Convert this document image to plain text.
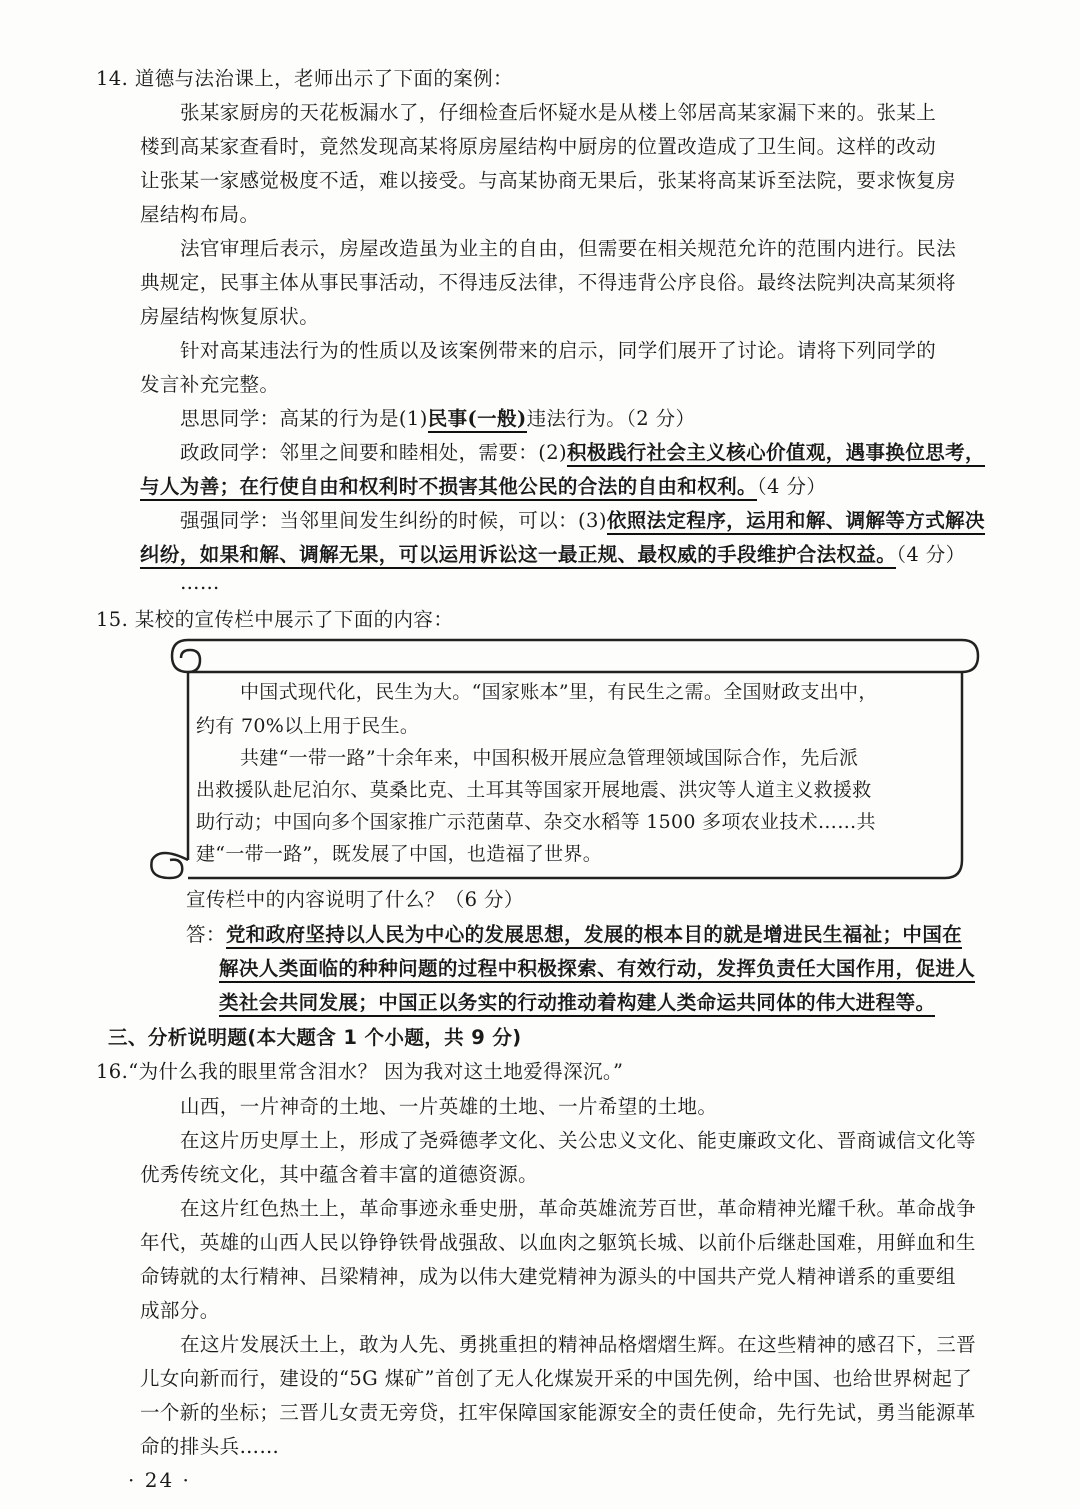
14. 道德与法治课上，老师出示了下面的案例：
张某家厨房的天花板漏水了，仔细检查后怀疑水是从楼上邻居高某家漏下来的。张某上
楼到高某家查看时，竟然发现高某将原房屋结构中厨房的位置改造成了卫生间。这样的改动
让张某一家感觉极度不适，难以接受。与高某协商无果后，张某将高某诉至法院，要求恢复房
屋结构布局。
法官审理后表示，房屋改造虽为业主的自由，但需要在相关规范允许的范围内进行。民法
典规定，民事主体从事民事活动，不得违反法律，不得违背公序良俗。最终法院判决高某须将
房屋结构恢复原状。
针对高某违法行为的性质以及该案例带来的启示，同学们展开了讨论。请将下列同学的
发言补充完整。
思思同学：高某的行为是(1)民事(一般)违法行为。（2 分）
政政同学：邻里之间要和睦相处，需要：(2)积极践行社会主义核心价值观，遇事换位思考，
与人为善；在行使自由和权利时不损害其他公民的合法的自由和权利。（4 分）
强强同学：当邻里间发生纠纷的时候，可以：(3)依照法定程序，运用和解、调解等方式解决
纠纷，如果和解、调解无果，可以运用诉讼这一最正规、最权威的手段维护合法权益。（4 分）
……
15. 某校的宣传栏中展示了下面的内容：
中国式现代化，民生为大。“国家账本”里，有民生之需。全国财政支出中，
约有 70%以上用于民生。
共建“一带一路”十余年来，中国积极开展应急管理领域国际合作，先后派
出救援队赴尼泊尔、莫桑比克、土耳其等国家开展地震、洪灾等人道主义救援救
助行动；中国向多个国家推广示范菌草、杂交水稻等 1500 多项农业技术……共
建“一带一路”，既发展了中国，也造福了世界。
宣传栏中的内容说明了什么？（6 分）
答：党和政府坚持以人民为中心的发展思想，发展的根本目的就是增进民生福祉；中国在
解决人类面临的种种问题的过程中积极探索、有效行动，发挥负责任大国作用，促进人
类社会共同发展；中国正以务实的行动推动着构建人类命运共同体的伟大进程等。
三、分析说明题(本大题含 1 个小题，共 9 分)
16.“为什么我的眼里常含泪水？ 因为我对这土地爱得深沉。”
山西，一片神奇的土地、一片英雄的土地、一片希望的土地。
在这片历史厚土上，形成了尧舜德孝文化、关公忠义文化、能吏廉政文化、晋商诚信文化等
优秀传统文化，其中蕴含着丰富的道德资源。
在这片红色热土上，革命事迹永垂史册，革命英雄流芳百世，革命精神光耀千秋。革命战争
年代，英雄的山西人民以铮铮铁骨战强敌、以血肉之躯筑长城、以前仆后继赴国难，用鲜血和生
命铸就的太行精神、吕梁精神，成为以伟大建党精神为源头的中国共产党人精神谱系的重要组
成部分。
在这片发展沃土上，敢为人先、勇挑重担的精神品格熠熠生辉。在这些精神的感召下，三晋
儿女向新而行，建设的“5G 煤矿”首创了无人化煤炭开采的中国先例，给中国、也给世界树起了
一个新的坐标；三晋儿女责无旁贷，扛牢保障国家能源安全的责任使命，先行先试，勇当能源革
命的排头兵……
· 24 ·
